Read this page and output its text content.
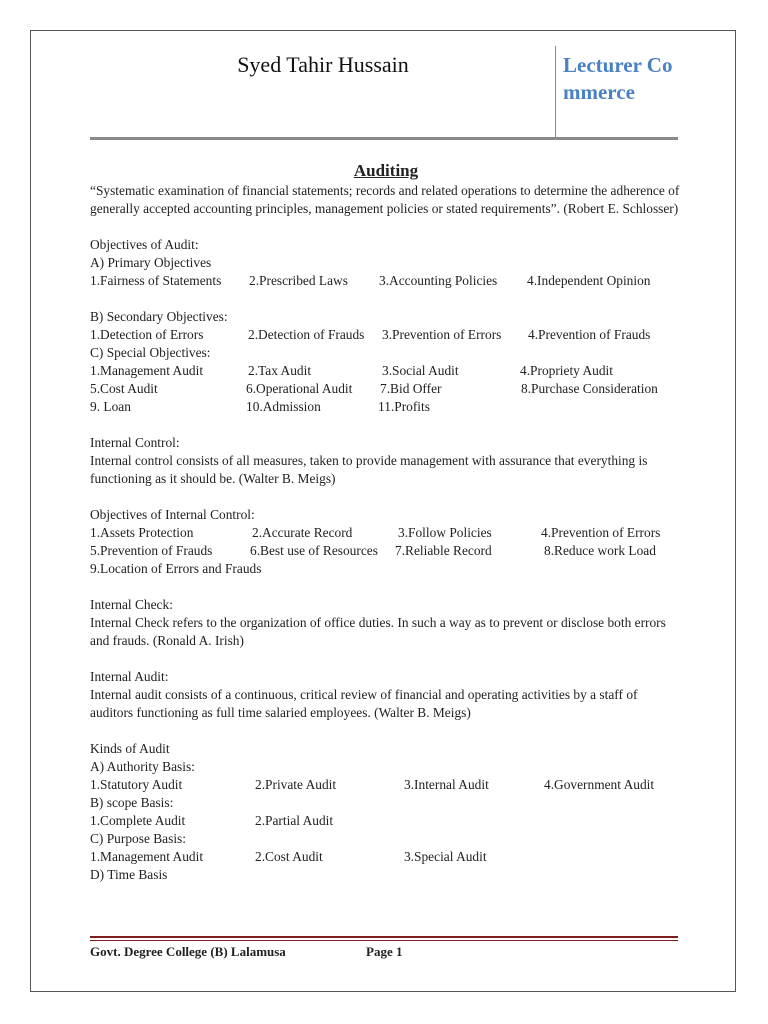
Syed Tahir Hussain	Lecturer Commerce
Auditing

“Systematic examination of financial statements; records and related operations to determine the adherence of generally accepted accounting principles, management policies or stated requirements”. (Robert E. Schlosser)

Objectives of Audit:

A) Primary Objectives

1.Fairness of Statements 2.Prescribed Laws 3.Accounting Policies 4.Independent Opinion

B) Secondary Objectives:

1.Detection of Errors	2.Detection of Frauds 3.Prevention of Errors 4.Prevention of Frauds

C) Special Objectives:

1.Management Audit	2.Tax Audit	3.Social Audit	4.Propriety Audit
5.Cost Audit	6.Operational Audit 7.Bid Offer	8.Purchase Consideration
9. Loan	10.Admission	11.Profits

Internal Control:

Internal control consists of all measures, taken to provide management with assurance that everything is functioning as it should be. (Walter B. Meigs)

Objectives of Internal Control:

1.Assets Protection	2.Accurate Record	3.Follow Policies	4.Prevention of Errors
5.Prevention of Frauds	6.Best use of Resources 7.Reliable Record	8.Reduce work Load
9.Location of Errors and Frauds

Internal Check:

Internal Check refers to the organization of office duties. In such a way as to prevent or disclose both errors and frauds. (Ronald A. Irish)

Internal Audit:

Internal audit consists of a continuous, critical review of financial and operating activities by a staff of auditors functioning as full time salaried employees. (Walter B. Meigs)

Kinds of Audit

A) Authority Basis:

1.Statutory Audit	2.Private Audit	3.Internal Audit	4.Government Audit

B) scope Basis:

1.Complete Audit	2.Partial Audit

C) Purpose Basis:

1.Management Audit	2.Cost Audit	3.Special Audit

D) Time Basis

Govt. Degree College (B) Lalamusa	Page 1
